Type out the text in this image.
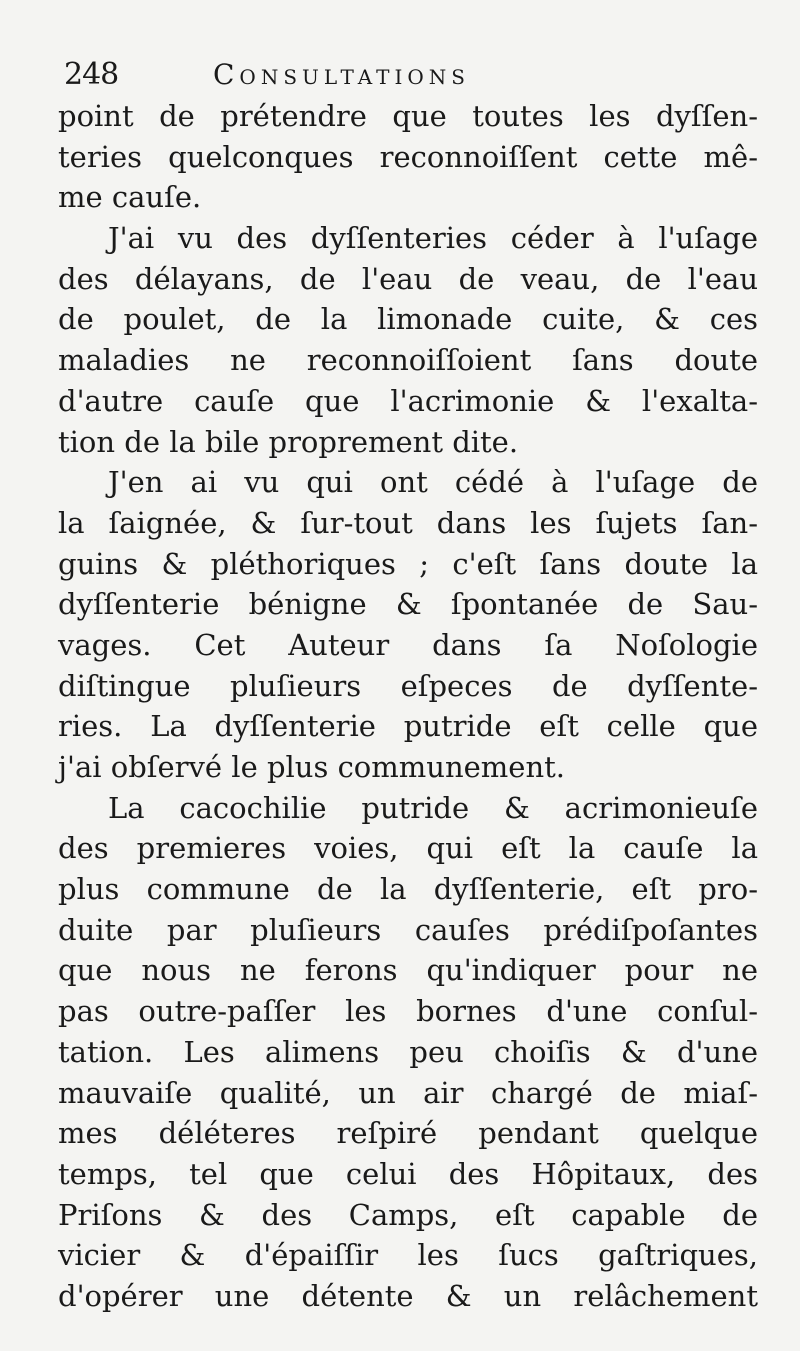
248	Consultations
point de prétendre que toutes les dyſſen-
teries quelconques reconnoiſſent cette mê-
me cauſe.
J'ai vu des dyſſenteries céder à l'uſage
des délayans, de l'eau de veau, de l'eau
de poulet, de la limonade cuite, & ces
maladies ne reconnoiſſoient ſans doute
d'autre cauſe que l'acrimonie & l'exalta-
tion de la bile proprement dite.
J'en ai vu qui ont cédé à l'uſage de
la ſaignée, & ſur-tout dans les ſujets ſan-
guins & pléthoriques ; c'eſt ſans doute la
dyſſenterie bénigne & ſpontanée de Sau-
vages. Cet Auteur dans ſa Noſologie
diſtingue pluſieurs eſpeces de dyſſente-
ries. La dyſſenterie putride eſt celle que
j'ai obſervé le plus communement.
La cacochilie putride & acrimonieuſe
des premieres voies, qui eſt la cauſe la
plus commune de la dyſſenterie, eſt pro-
duite par pluſieurs cauſes prédiſpoſantes
que nous ne ferons qu'indiquer pour ne
pas outre-paſſer les bornes d'une conſul-
tation. Les alimens peu choiſis & d'une
mauvaiſe qualité, un air chargé de miaſ-
mes déléteres reſpiré pendant quelque
temps, tel que celui des Hôpitaux, des
Priſons & des Camps, eſt capable de
vicier & d'épaiſſir les ſucs gaſtriques,
d'opérer une détente & un relâchement
